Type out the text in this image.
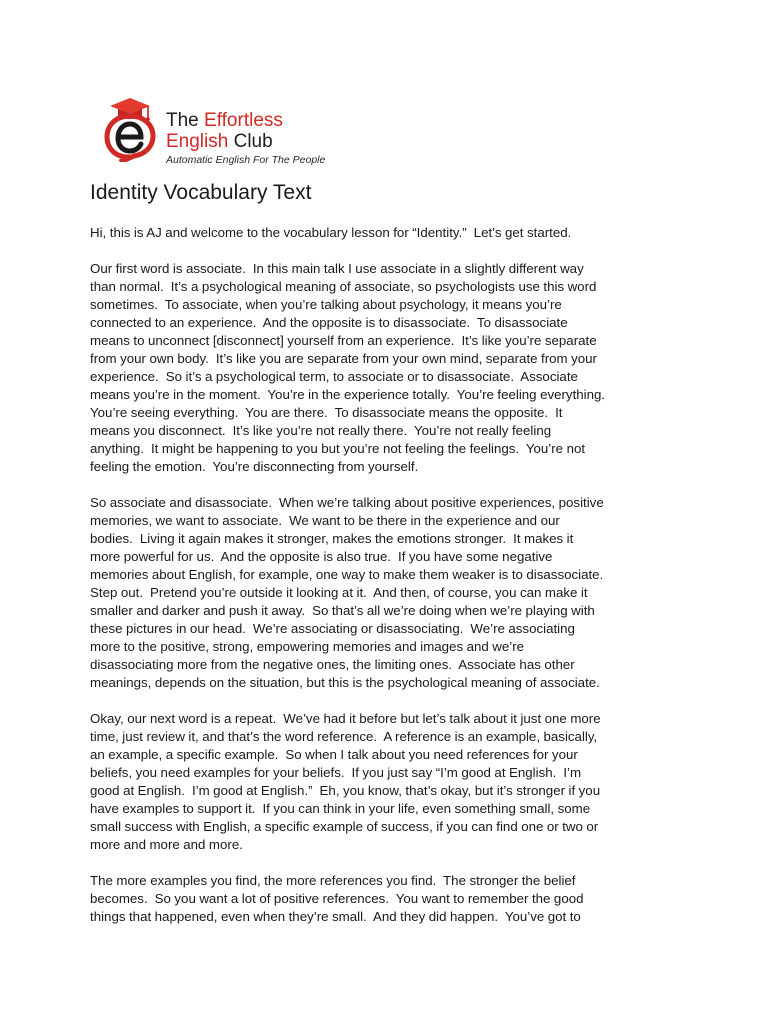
The Effortless
English Club
Automatic English For The People
Identity Vocabulary Text

Hi, this is AJ and welcome to the vocabulary lesson for “Identity.”  Let’s get started.

Our first word is associate.  In this main talk I use associate in a slightly different way
than normal.  It’s a psychological meaning of associate, so psychologists use this word
sometimes.  To associate, when you’re talking about psychology, it means you’re
connected to an experience.  And the opposite is to disassociate.  To disassociate
means to unconnect [disconnect] yourself from an experience.  It’s like you’re separate
from your own body.  It’s like you are separate from your own mind, separate from your
experience.  So it’s a psychological term, to associate or to disassociate.  Associate
means you’re in the moment.  You’re in the experience totally.  You’re feeling everything.
You’re seeing everything.  You are there.  To disassociate means the opposite.  It
means you disconnect.  It’s like you’re not really there.  You’re not really feeling
anything.  It might be happening to you but you’re not feeling the feelings.  You’re not
feeling the emotion.  You’re disconnecting from yourself.

So associate and disassociate.  When we’re talking about positive experiences, positive
memories, we want to associate.  We want to be there in the experience and our
bodies.  Living it again makes it stronger, makes the emotions stronger.  It makes it
more powerful for us.  And the opposite is also true.  If you have some negative
memories about English, for example, one way to make them weaker is to disassociate.
Step out.  Pretend you’re outside it looking at it.  And then, of course, you can make it
smaller and darker and push it away.  So that’s all we’re doing when we’re playing with
these pictures in our head.  We’re associating or disassociating.  We’re associating
more to the positive, strong, empowering memories and images and we’re
disassociating more from the negative ones, the limiting ones.  Associate has other
meanings, depends on the situation, but this is the psychological meaning of associate.

Okay, our next word is a repeat.  We’ve had it before but let’s talk about it just one more
time, just review it, and that’s the word reference.  A reference is an example, basically,
an example, a specific example.  So when I talk about you need references for your
beliefs, you need examples for your beliefs.  If you just say “I’m good at English.  I’m
good at English.  I’m good at English.”  Eh, you know, that’s okay, but it’s stronger if you
have examples to support it.  If you can think in your life, even something small, some
small success with English, a specific example of success, if you can find one or two or
more and more and more.

The more examples you find, the more references you find.  The stronger the belief
becomes.  So you want a lot of positive references.  You want to remember the good
things that happened, even when they’re small.  And they did happen.  You’ve got to
